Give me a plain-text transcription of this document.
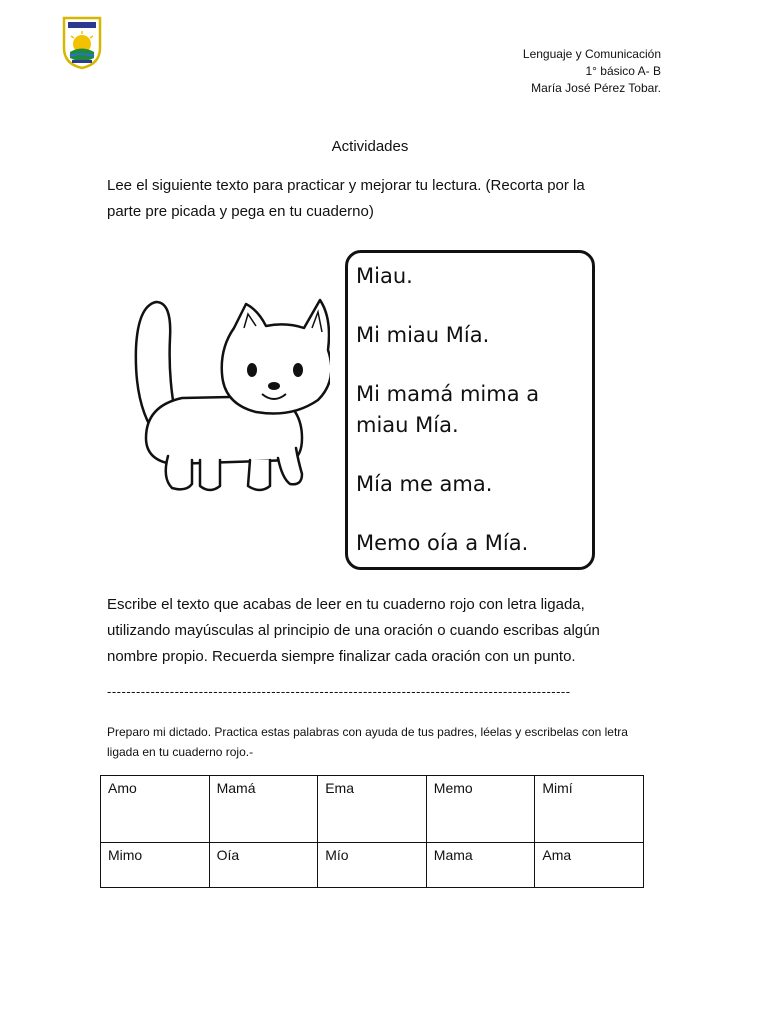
Lenguaje y Comunicación
1° básico A- B
María José Pérez Tobar.
Actividades
Lee el siguiente texto para practicar y mejorar tu lectura. (Recorta por la
parte pre picada y pega en tu cuaderno)
Miau.
Mi miau Mía.
Mi mamá mima a
miau Mía.
Mía me ama.
Memo oía a Mía.
Escribe el texto que acabas de leer en tu cuaderno rojo con letra ligada,
utilizando mayúsculas al principio de una oración o cuando escribas algún
nombre propio. Recuerda siempre finalizar cada oración con un punto.
------------------------------------------------------------------------------------------------
Preparo mi dictado. Practica estas palabras con ayuda de tus padres, léelas y escribelas con letra
ligada en tu cuaderno rojo.-
Amo	Mamá	Ema	Memo	Mimí
Mimo	Oía	Mío	Mama	Ama
